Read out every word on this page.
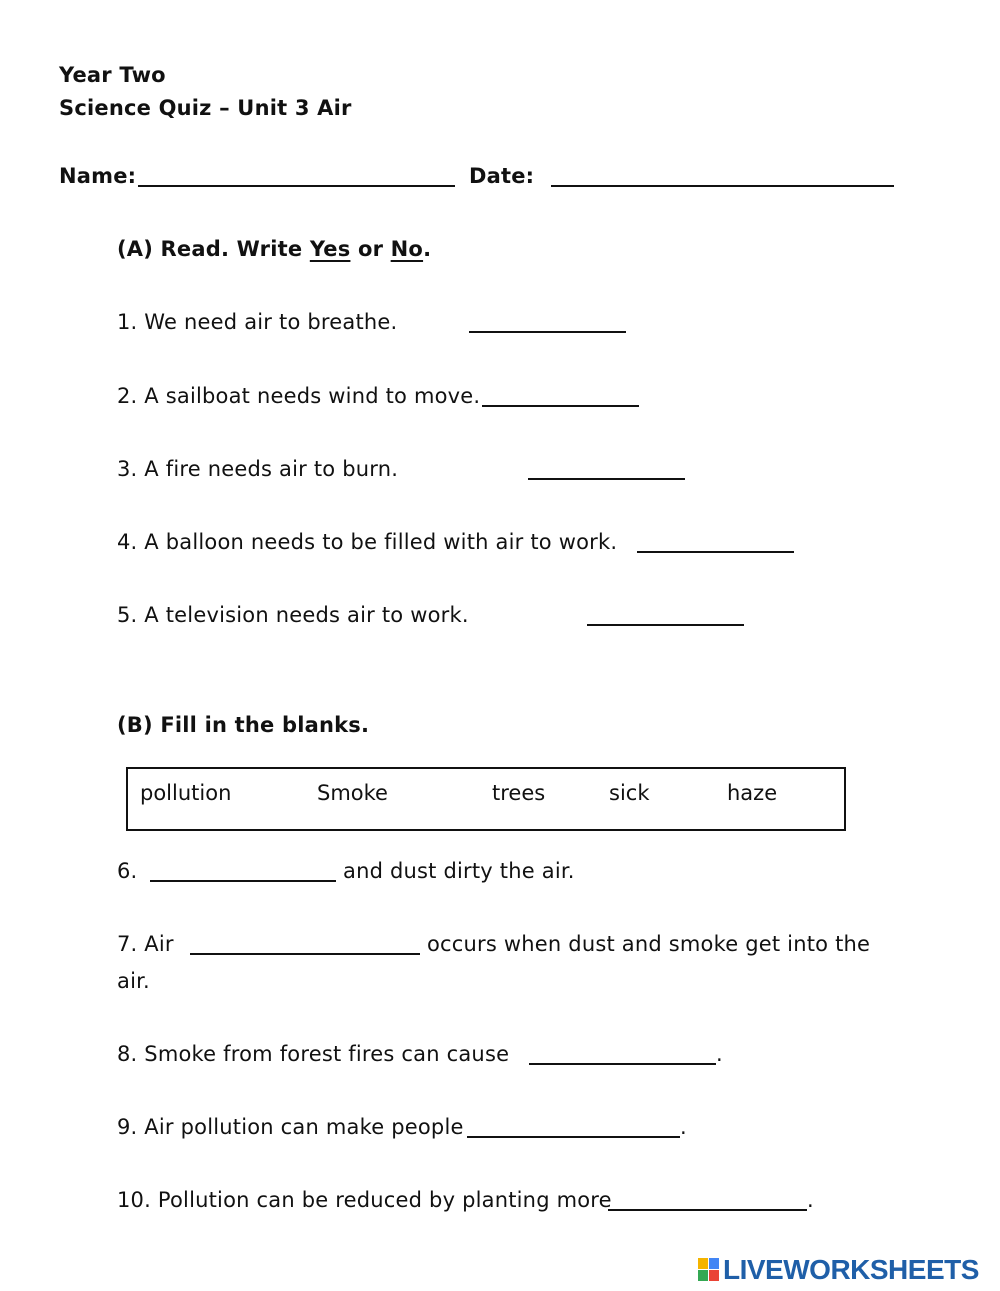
Year Two
Science Quiz – Unit 3 Air
Name:	Date:
(A) Read. Write Yes or No.
1. We need air to breathe.
2. A sailboat needs wind to move.
3. A fire needs air to burn.
4. A balloon needs to be filled with air to work.
5. A television needs air to work.
(B) Fill in the blanks.
pollution	Smoke	trees	sick	haze
6.	and dust dirty the air.
7. Air	occurs when dust and smoke get into the
air.
8. Smoke from forest fires can cause	.
9. Air pollution can make people	.
10. Pollution can be reduced by planting more	.
LIVEWORKSHEETS
